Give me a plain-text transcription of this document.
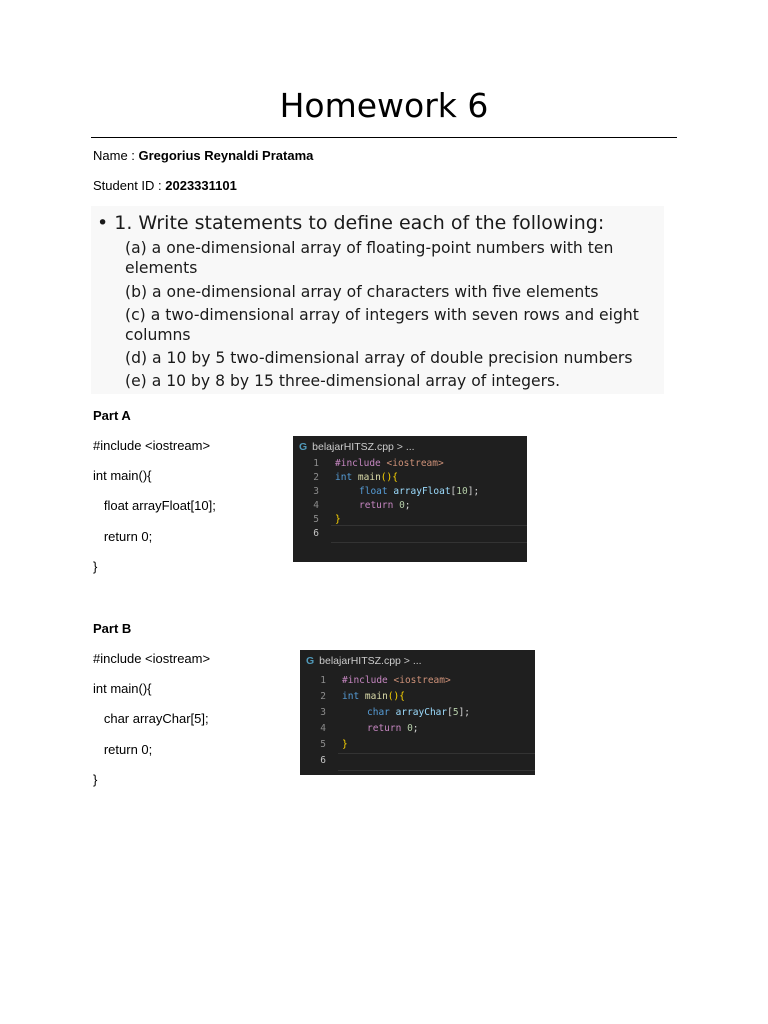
Homework 6
Name : Gregorius Reynaldi Pratama
Student ID : 2023331101
• 1. Write statements to define each of the following:
(a) a one-dimensional array of floating-point numbers with ten elements
(b) a one-dimensional array of characters with five elements
(c) a two-dimensional array of integers with seven rows and eight columns
(d) a 10 by 5 two-dimensional array of double precision numbers
(e) a 10 by 8 by 15 three-dimensional array of integers.
Part A
#include <iostream>
int main(){
float arrayFloat[10];
return 0;
}
G belajarHITSZ.cpp > ...
1
2
3
4
5
6
#include <iostream>
int main(){
float arrayFloat[10];
return 0;
}
Part B
#include <iostream>
int main(){
char arrayChar[5];
return 0;
}
G belajarHITSZ.cpp > ...
1
2
3
4
5
6
#include <iostream>
int main(){
char arrayChar[5];
return 0;
}
